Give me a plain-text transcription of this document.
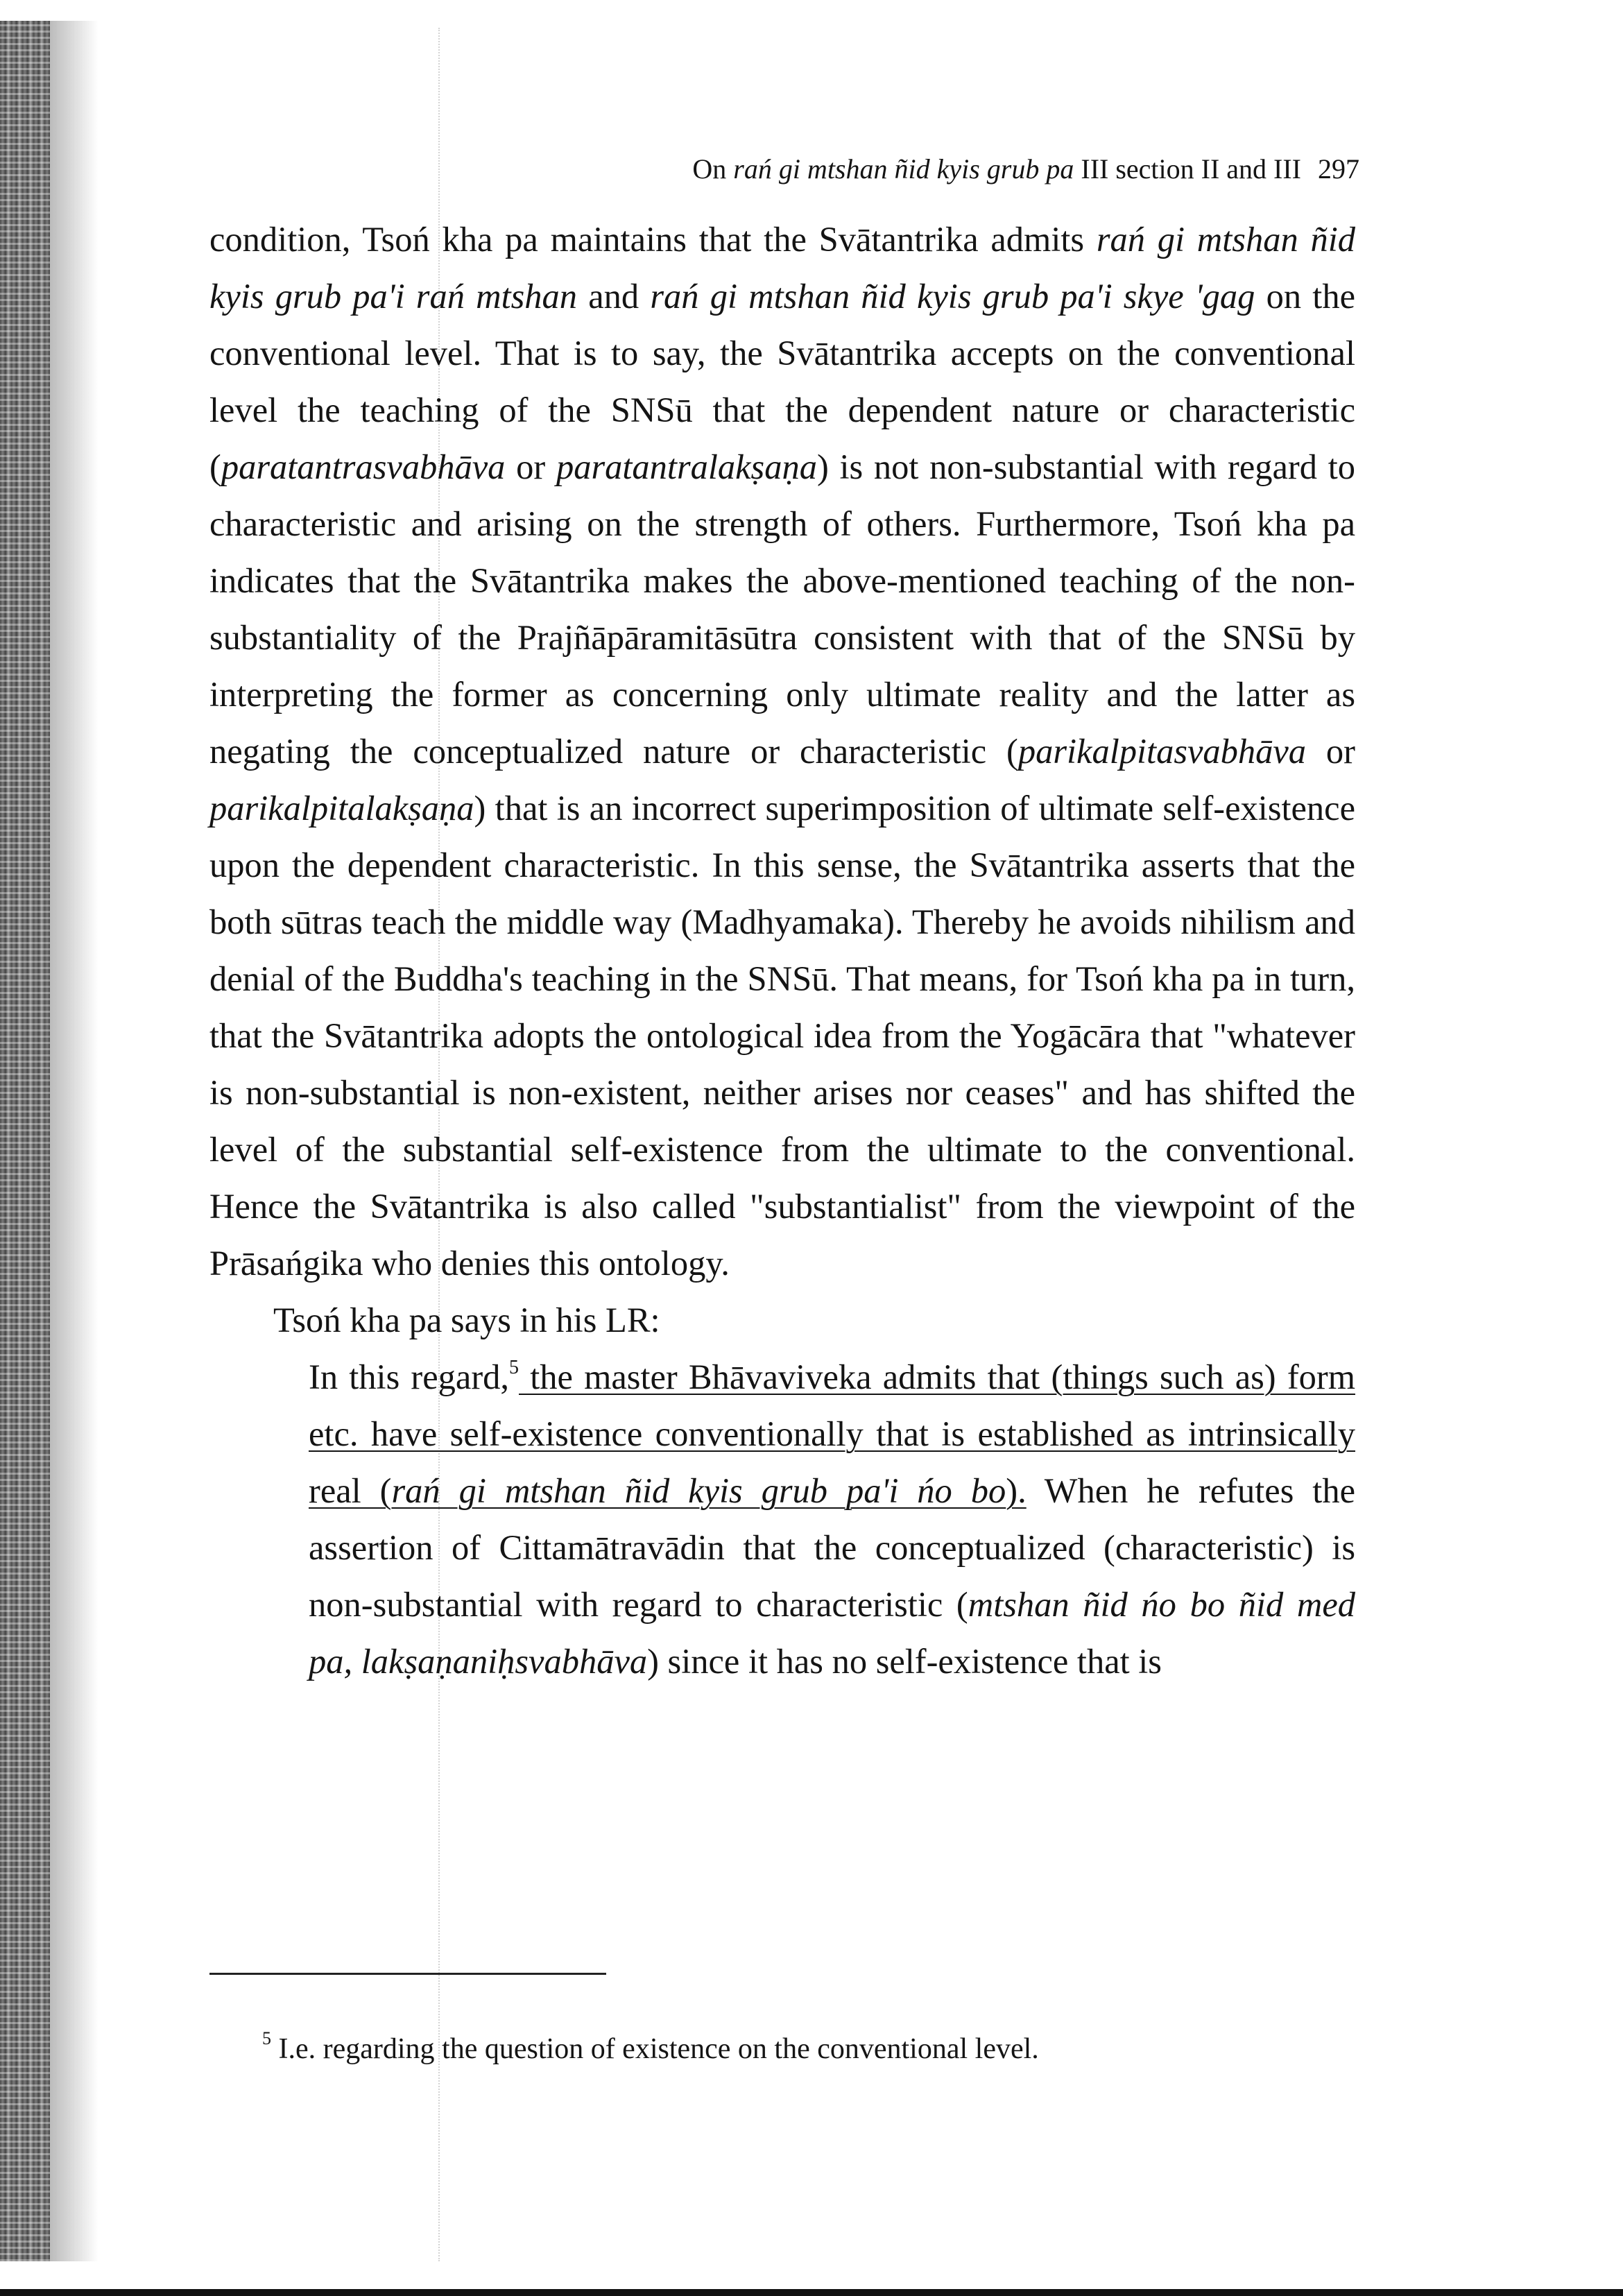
On rań gi mtshan ñid kyis grub pa III section II and III 297

condition, Tsoń kha pa maintains that the Svātantrika admits rań gi mtshan ñid kyis grub pa'i rań mtshan and rań gi mtshan ñid kyis grub pa'i skye 'gag on the conventional level. That is to say, the Svātantrika accepts on the conventional level the teaching of the SNSū that the dependent nature or characteristic (paratantrasvabhāva or paratantralakṣaṇa) is not non-substantial with regard to characteristic and arising on the strength of others. Furthermore, Tsoń kha pa indicates that the Svātantrika makes the above-mentioned teaching of the non-substantiality of the Prajñāpāramitāsūtra consistent with that of the SNSū by interpreting the former as concerning only ultimate reality and the latter as negating the conceptualized nature or characteristic (parikalpitasvabhāva or parikalpitalakṣaṇa) that is an incorrect superimposition of ultimate self-existence upon the dependent characteristic. In this sense, the Svātantrika asserts that the both sūtras teach the middle way (Madhyamaka). Thereby he avoids nihilism and denial of the Buddha's teaching in the SNSū. That means, for Tsoń kha pa in turn, that the Svātantrika adopts the ontological idea from the Yogācāra that "whatever is non-substantial is non-existent, neither arises nor ceases" and has shifted the level of the substantial self-existence from the ultimate to the conventional. Hence the Svātantrika is also called "substantialist" from the viewpoint of the Prāsańgika who denies this ontology.

Tsoń kha pa says in his LR:

In this regard,$^5$ the master Bhāvaviveka admits that (things such as) form etc. have self-existence conventionally that is established as intrinsically real (rań gi mtshan ñid kyis grub pa'i ńo bo). When he refutes the assertion of Cittamātravādin that the conceptualized (characteristic) is non-substantial with regard to characteristic (mtshan ñid ńo bo ñid med pa, lakṣaṇaniḥsvabhāva) since it has no self-existence that is

$^5$ I.e. regarding the question of existence on the conventional level.
